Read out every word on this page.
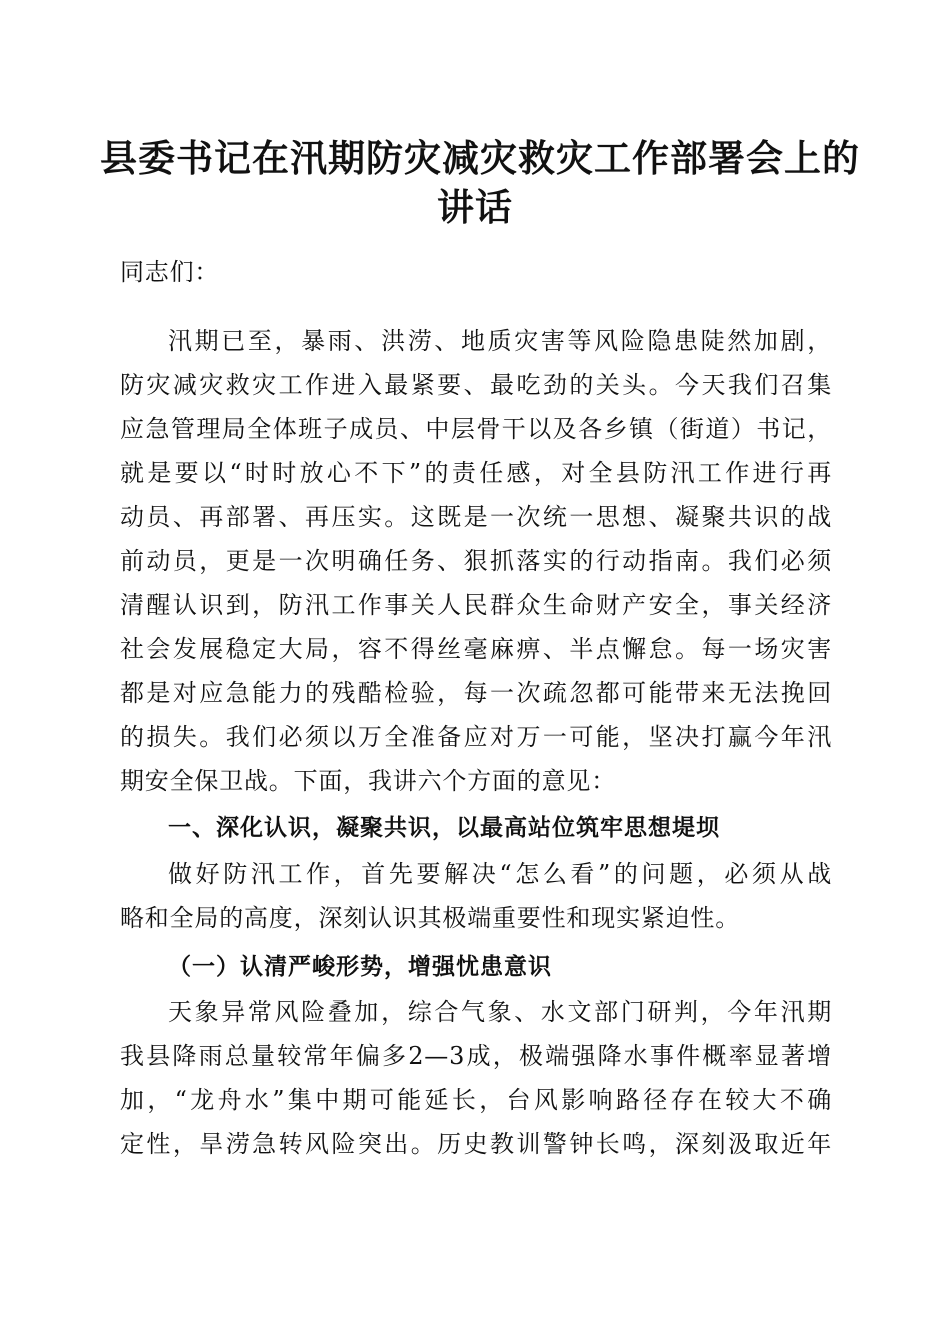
县委书记在汛期防灾减灾救灾工作部署会上的
讲话

同志们：

汛期已至，暴雨、洪涝、地质灾害等风险隐患陡然加剧，

防灾减灾救灾工作进入最紧要、最吃劲的关头。今天我们召集

应急管理局全体班子成员、中层骨干以及各乡镇（街道）书记，

就是要以“时时放心不下”的责任感，对全县防汛工作进行再

动员、再部署、再压实。这既是一次统一思想、凝聚共识的战

前动员，更是一次明确任务、狠抓落实的行动指南。我们必须

清醒认识到，防汛工作事关人民群众生命财产安全，事关经济

社会发展稳定大局，容不得丝毫麻痹、半点懈怠。每一场灾害

都是对应急能力的残酷检验，每一次疏忽都可能带来无法挽回

的损失。我们必须以万全准备应对万一可能，坚决打赢今年汛

期安全保卫战。下面，我讲六个方面的意见：

一、深化认识，凝聚共识，以最高站位筑牢思想堤坝

做好防汛工作，首先要解决“怎么看”的问题，必须从战

略和全局的高度，深刻认识其极端重要性和现实紧迫性。

（一）认清严峻形势，增强忧患意识

天象异常风险叠加，综合气象、水文部门研判，今年汛期

我县降雨总量较常年偏多2—3成，极端强降水事件概率显著增

加，“龙舟水”集中期可能延长，台风影响路径存在较大不确

定性，旱涝急转风险突出。历史教训警钟长鸣，深刻汲取近年
